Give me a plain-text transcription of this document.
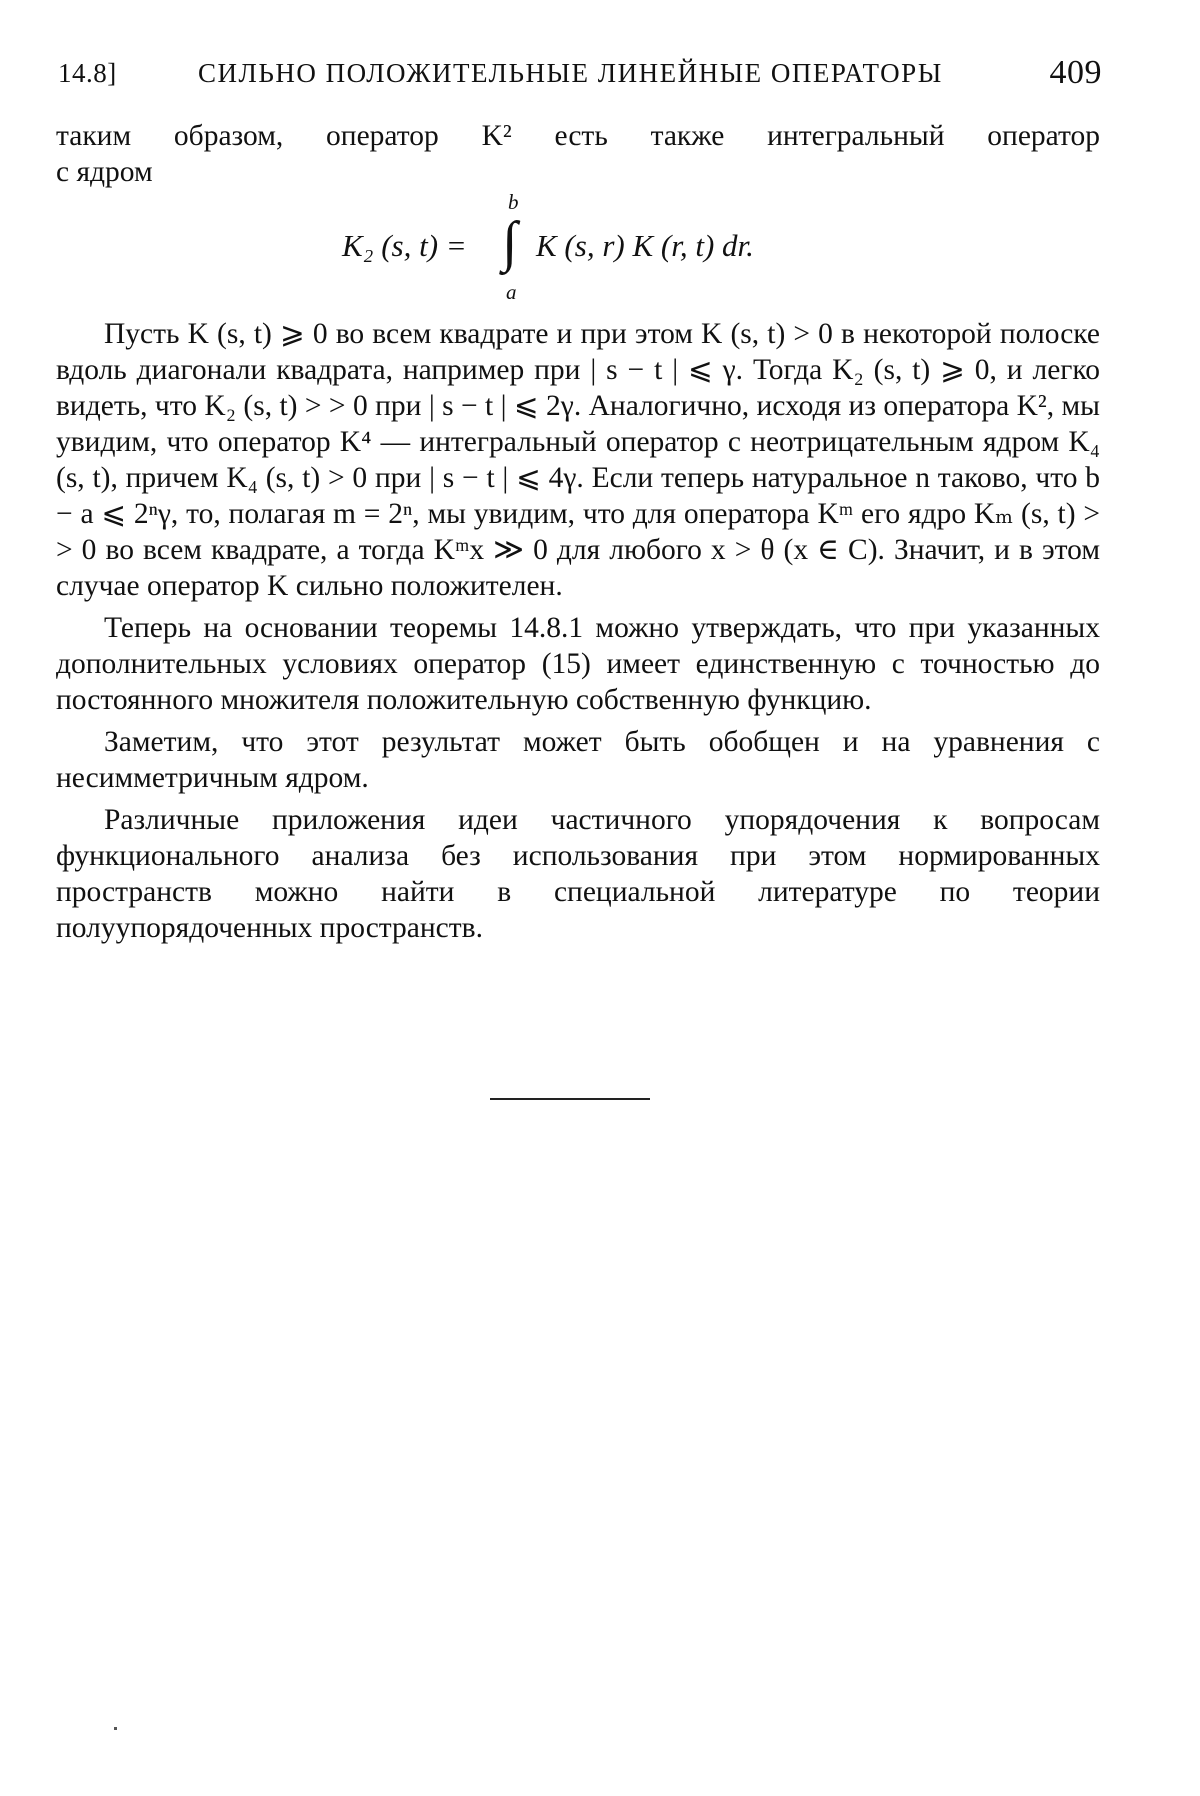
14.8]	СИЛЬНО ПОЛОЖИТЕЛЬНЫЕ ЛИНЕЙНЫЕ ОПЕРАТОРЫ	409

таким образом, оператор K² есть также интегральный оператор

с ядром

K₂ (s, t) =
b
∫
a
K (s, r) K (r, t) dr.

Пусть K (s, t) ⩾ 0 во всем квадрате и при этом K (s, t) > 0 в некоторой полоске вдоль диагонали квадрата, например при | s − t | ⩽ γ. Тогда K₂ (s, t) ⩾ 0, и легко видеть, что K₂ (s, t) > > 0 при | s − t | ⩽ 2γ. Аналогично, исходя из оператора K², мы увидим, что оператор K⁴ — интегральный оператор с неотрицательным ядром K₄ (s, t), причем K₄ (s, t) > 0 при | s − t | ⩽ 4γ. Если теперь натуральное n таково, что b − a ⩽ 2ⁿγ, то, полагая m = 2ⁿ, мы увидим, что для оператора Kᵐ его ядро Kₘ (s, t) > > 0 во всем квадрате, а тогда Kᵐx ≫ 0 для любого x > θ (x ∈ C). Значит, и в этом случае оператор K сильно положителен.

Теперь на основании теоремы 14.8.1 можно утверждать, что при указанных дополнительных условиях оператор (15) имеет единственную с точностью до постоянного множителя положительную собственную функцию.

Заметим, что этот результат может быть обобщен и на уравнения с несимметричным ядром.

Различные приложения идеи частичного упорядочения к вопросам функционального анализа без использования при этом нормированных пространств можно найти в специальной литературе по теории полуупорядоченных пространств.
